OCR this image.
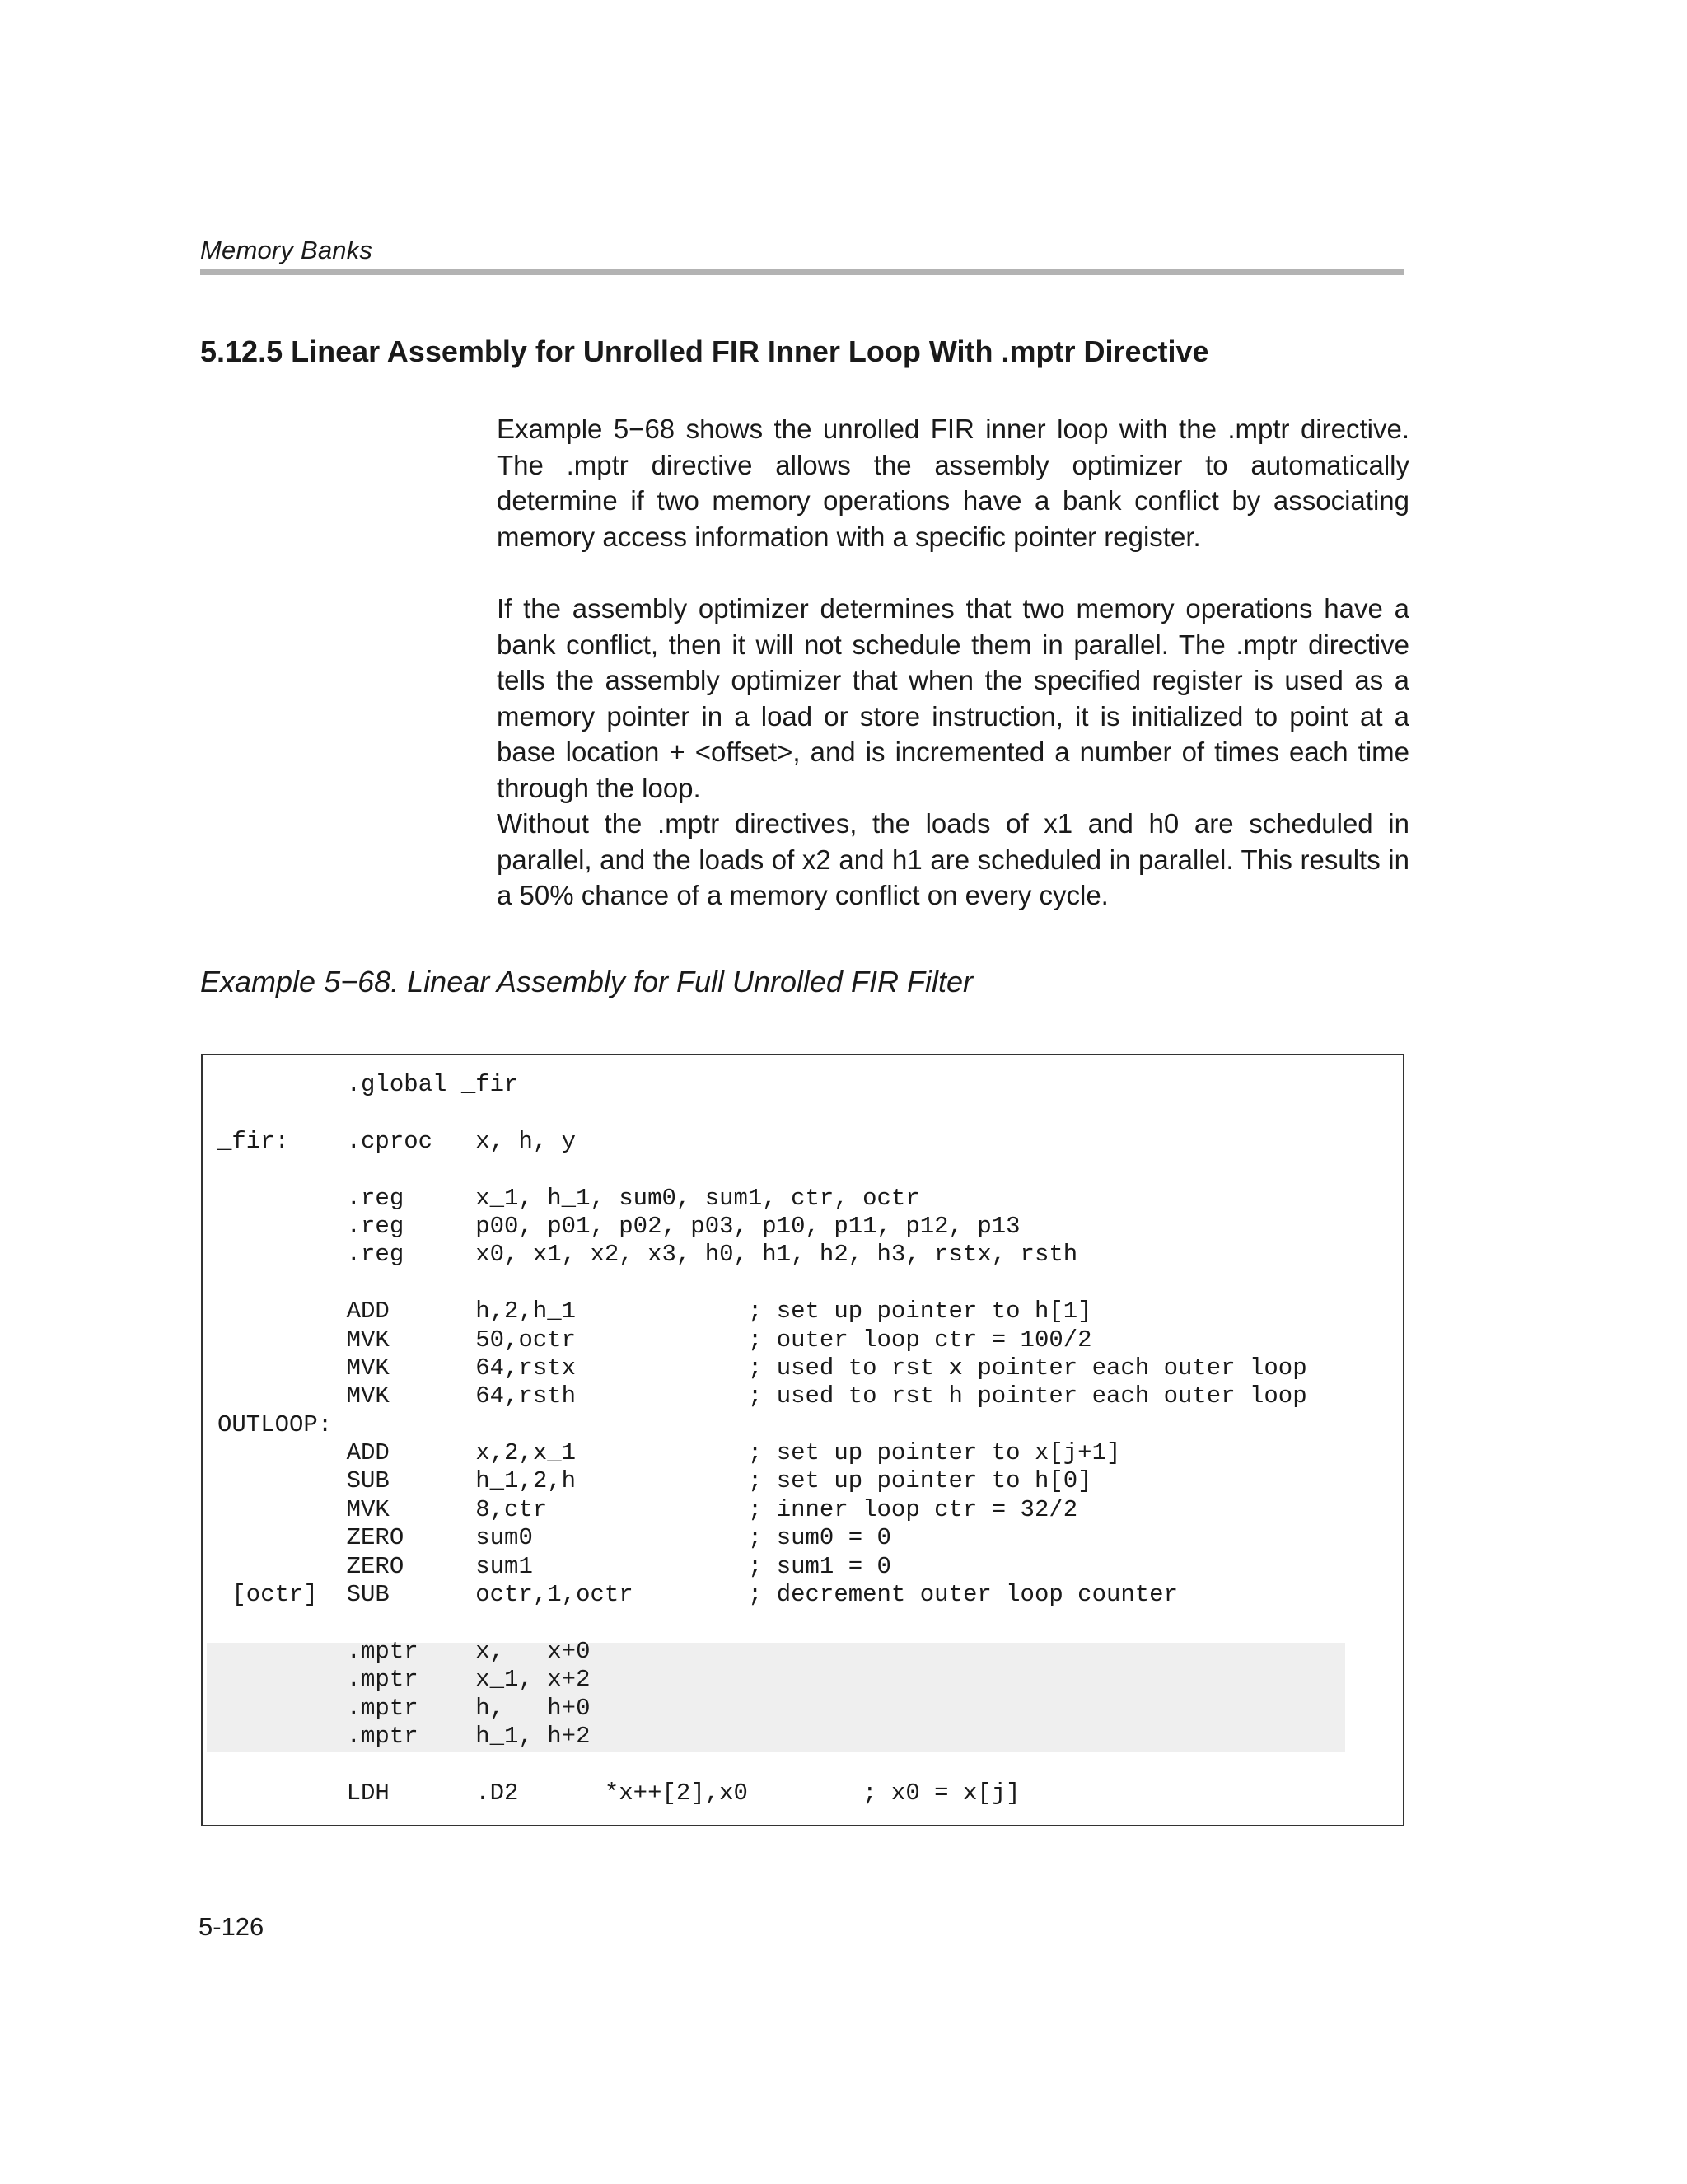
Memory Banks
5.12.5 Linear Assembly for Unrolled FIR Inner Loop With .mptr Directive

Example 5−68 shows the unrolled FIR inner loop with the .mptr directive. The .mptr directive allows the assembly optimizer to automatically determine if two memory operations have a bank conflict by associating memory access information with a specific pointer register.

If the assembly optimizer determines that two memory operations have a bank conflict, then it will not schedule them in parallel. The .mptr directive tells the assembly optimizer that when the specified register is used as a memory pointer in a load or store instruction, it is initialized to point at a base location + <offset>, and is incremented a number of times each time through the loop.

Without the .mptr directives, the loads of x1 and h0 are scheduled in parallel, and the loads of x2 and h1 are scheduled in parallel. This results in a 50% chance of a memory conflict on every cycle.

Example 5−68. Linear Assembly for Full Unrolled FIR Filter
.global _fir
_fir:    .cproc   x, h, y
.reg     x_1, h_1, sum0, sum1, ctr, octr
.reg     p00, p01, p02, p03, p10, p11, p12, p13
.reg     x0, x1, x2, x3, h0, h1, h2, h3, rstx, rsth
ADD      h,2,h_1            ; set up pointer to h[1]
MVK      50,octr            ; outer loop ctr = 100/2
MVK      64,rstx            ; used to rst x pointer each outer loop
MVK      64,rsth            ; used to rst h pointer each outer loop
OUTLOOP:
ADD      x,2,x_1            ; set up pointer to x[j+1]
SUB      h_1,2,h            ; set up pointer to h[0]
MVK      8,ctr              ; inner loop ctr = 32/2
ZERO     sum0               ; sum0 = 0
ZERO     sum1               ; sum1 = 0
[octr]  SUB      octr,1,octr        ; decrement outer loop counter
.mptr    x,   x+0
.mptr    x_1, x+2
.mptr    h,   h+0
.mptr    h_1, h+2
LDH      .D2      *x++[2],x0        ; x0 = x[j]
5-126
